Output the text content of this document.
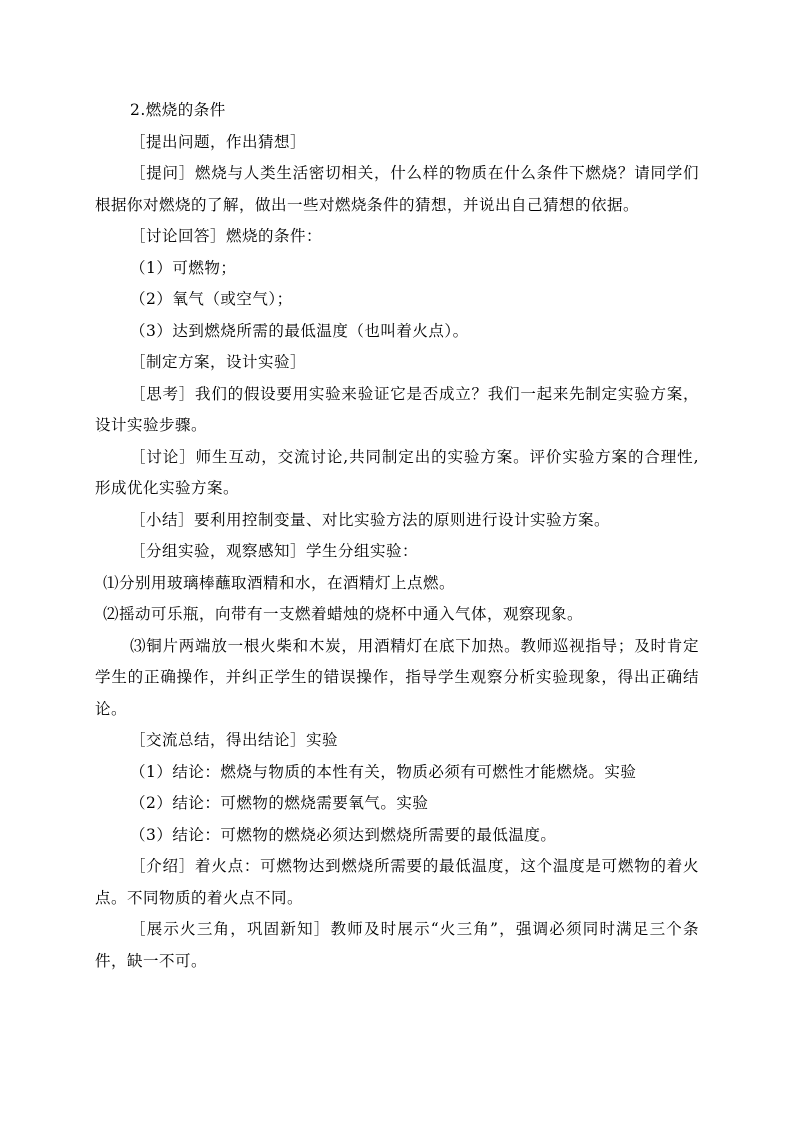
2.燃烧的条件
［提出问题，作出猜想］
［提问］燃烧与人类生活密切相关，什么样的物质在什么条件下燃烧？请同学们根据你对燃烧的了解，做出一些对燃烧条件的猜想，并说出自己猜想的依据。
［讨论回答］燃烧的条件：
（1）可燃物；
（2）氧气（或空气）；
（3）达到燃烧所需的最低温度（也叫着火点）。
［制定方案，设计实验］
［思考］我们的假设要用实验来验证它是否成立？我们一起来先制定实验方案，设计实验步骤。
［讨论］师生互动，交流讨论,共同制定出的实验方案。评价实验方案的合理性,形成优化实验方案。
［小结］要利用控制变量、对比实验方法的原则进行设计实验方案。
［分组实验，观察感知］学生分组实验：
⑴分别用玻璃棒蘸取酒精和水，在酒精灯上点燃。
⑵摇动可乐瓶，向带有一支燃着蜡烛的烧杯中通入气体，观察现象。
⑶铜片两端放一根火柴和木炭，用酒精灯在底下加热。教师巡视指导；及时肯定学生的正确操作，并纠正学生的错误操作，指导学生观察分析实验现象，得出正确结论。
［交流总结，得出结论］实验
（1）结论：燃烧与物质的本性有关，物质必须有可燃性才能燃烧。实验
（2）结论：可燃物的燃烧需要氧气。实验
（3）结论：可燃物的燃烧必须达到燃烧所需要的最低温度。
［介绍］着火点：可燃物达到燃烧所需要的最低温度，这个温度是可燃物的着火点。不同物质的着火点不同。
［展示火三角，巩固新知］教师及时展示“火三角”，强调必须同时满足三个条件，缺一不可。
